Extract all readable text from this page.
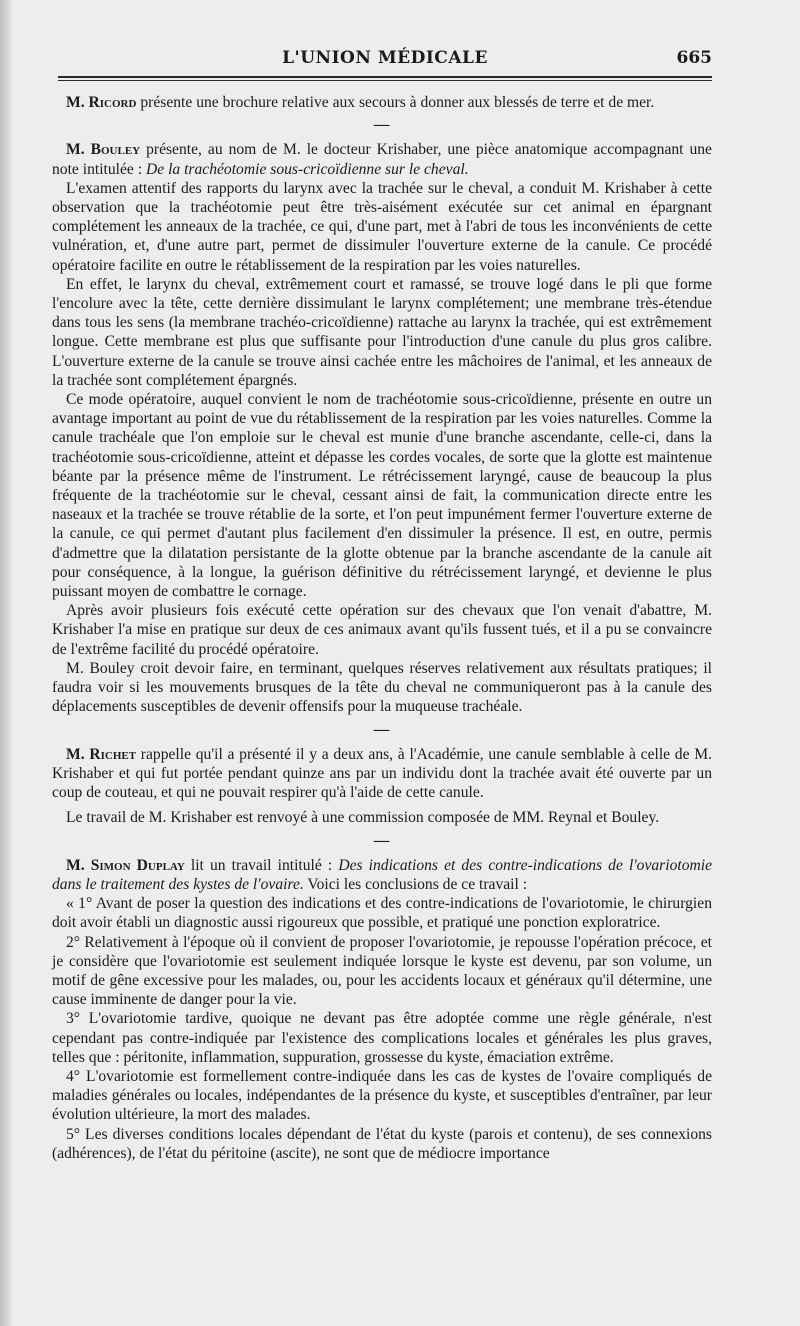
L'UNION MÉDICALE	665

M. Ricord présente une brochure relative aux secours à donner aux blessés de terre et de mer.

—

M. Bouley présente, au nom de M. le docteur Krishaber, une pièce anatomique accompagnant une note intitulée : De la trachéotomie sous-cricoïdienne sur le cheval.

L'examen attentif des rapports du larynx avec la trachée sur le cheval, a conduit M. Krishaber à cette observation que la trachéotomie peut être très-aisément exécutée sur cet animal en épargnant complétement les anneaux de la trachée, ce qui, d'une part, met à l'abri de tous les inconvénients de cette vulnération, et, d'une autre part, permet de dissimuler l'ouverture externe de la canule. Ce procédé opératoire facilite en outre le rétablissement de la respiration par les voies naturelles.

En effet, le larynx du cheval, extrêmement court et ramassé, se trouve logé dans le pli que forme l'encolure avec la tête, cette dernière dissimulant le larynx complétement; une membrane très-étendue dans tous les sens (la membrane trachéo-cricoïdienne) rattache au larynx la trachée, qui est extrêmement longue. Cette membrane est plus que suffisante pour l'introduction d'une canule du plus gros calibre. L'ouverture externe de la canule se trouve ainsi cachée entre les mâchoires de l'animal, et les anneaux de la trachée sont complétement épargnés.

Ce mode opératoire, auquel convient le nom de trachéotomie sous-cricoïdienne, présente en outre un avantage important au point de vue du rétablissement de la respiration par les voies naturelles. Comme la canule trachéale que l'on emploie sur le cheval est munie d'une branche ascendante, celle-ci, dans la trachéotomie sous-cricoïdienne, atteint et dépasse les cordes vocales, de sorte que la glotte est maintenue béante par la présence même de l'instrument. Le rétrécissement laryngé, cause de beaucoup la plus fréquente de la trachéotomie sur le cheval, cessant ainsi de fait, la communication directe entre les naseaux et la trachée se trouve rétablie de la sorte, et l'on peut impunément fermer l'ouverture externe de la canule, ce qui permet d'autant plus facilement d'en dissimuler la présence. Il est, en outre, permis d'admettre que la dilatation persistante de la glotte obtenue par la branche ascendante de la canule ait pour conséquence, à la longue, la guérison définitive du rétrécissement laryngé, et devienne le plus puissant moyen de combattre le cornage.

Après avoir plusieurs fois exécuté cette opération sur des chevaux que l'on venait d'abattre, M. Krishaber l'a mise en pratique sur deux de ces animaux avant qu'ils fussent tués, et il a pu se convaincre de l'extrême facilité du procédé opératoire.

M. Bouley croit devoir faire, en terminant, quelques réserves relativement aux résultats pratiques; il faudra voir si les mouvements brusques de la tête du cheval ne communiqueront pas à la canule des déplacements susceptibles de devenir offensifs pour la muqueuse trachéale.

—

M. Richet rappelle qu'il a présenté il y a deux ans, à l'Académie, une canule semblable à celle de M. Krishaber et qui fut portée pendant quinze ans par un individu dont la trachée avait été ouverte par un coup de couteau, et qui ne pouvait respirer qu'à l'aide de cette canule.

Le travail de M. Krishaber est renvoyé à une commission composée de MM. Reynal et Bouley.

—

M. Simon Duplay lit un travail intitulé : Des indications et des contre-indications de l'ovariotomie dans le traitement des kystes de l'ovaire. Voici les conclusions de ce travail :

« 1° Avant de poser la question des indications et des contre-indications de l'ovariotomie, le chirurgien doit avoir établi un diagnostic aussi rigoureux que possible, et pratiqué une ponction exploratrice.

2° Relativement à l'époque où il convient de proposer l'ovariotomie, je repousse l'opération précoce, et je considère que l'ovariotomie est seulement indiquée lorsque le kyste est devenu, par son volume, un motif de gêne excessive pour les malades, ou, pour les accidents locaux et généraux qu'il détermine, une cause imminente de danger pour la vie.

3° L'ovariotomie tardive, quoique ne devant pas être adoptée comme une règle générale, n'est cependant pas contre-indiquée par l'existence des complications locales et générales les plus graves, telles que : péritonite, inflammation, suppuration, grossesse du kyste, émaciation extrême.

4° L'ovariotomie est formellement contre-indiquée dans les cas de kystes de l'ovaire compliqués de maladies générales ou locales, indépendantes de la présence du kyste, et susceptibles d'entraîner, par leur évolution ultérieure, la mort des malades.

5° Les diverses conditions locales dépendant de l'état du kyste (parois et contenu), de ses connexions (adhérences), de l'état du péritoine (ascite), ne sont que de médiocre importance
